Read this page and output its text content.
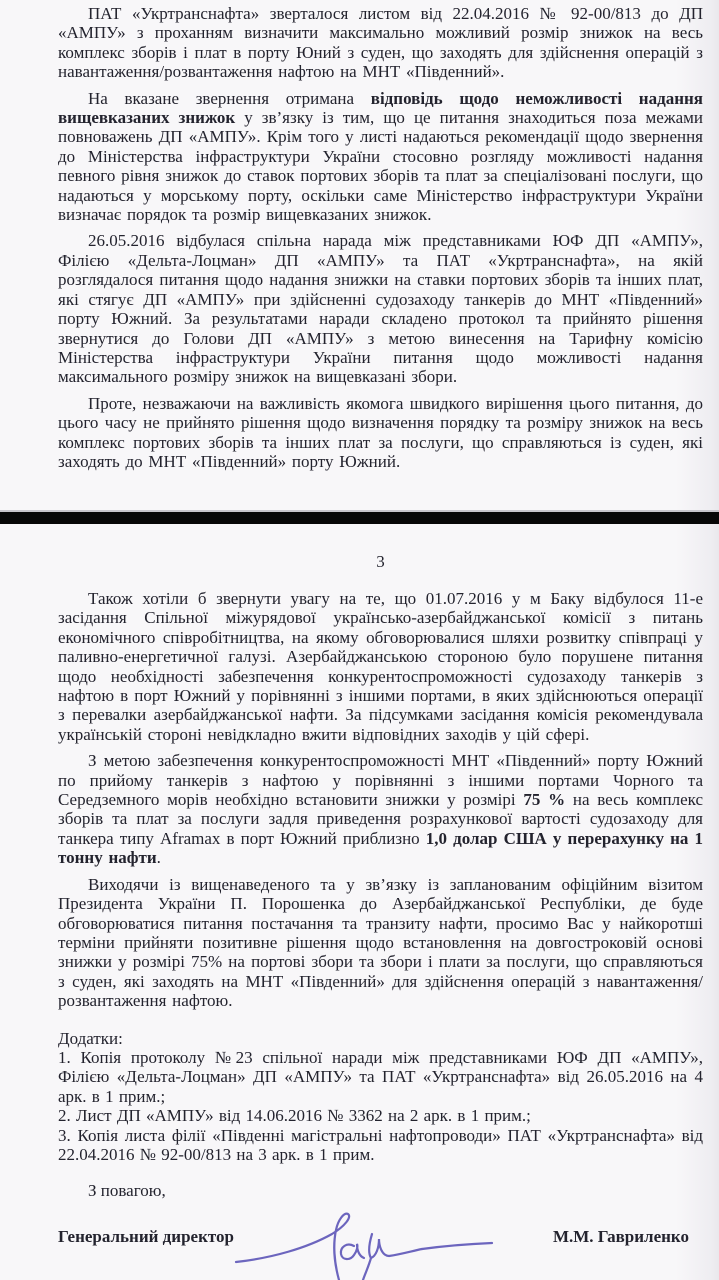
ПАТ «Укртранснафта» зверталося листом від 22.04.2016 № 92-00/813 до ДП «АМПУ» з проханням визначити максимально можливий розмір знижок на весь комплекс зборів і плат в порту Юний з суден, що заходять для здійснення операцій з навантаження/розвантаження нафтою на МНТ «Південний».

На вказане звернення отримана відповідь щодо неможливості надання вищевказаних знижок у зв’язку із тим, що це питання знаходиться поза межами повноважень ДП «АМПУ». Крім того у листі надаються рекомендації щодо звернення до Міністерства інфраструктури України стосовно розгляду можливості надання певного рівня знижок до ставок портових зборів та плат за спеціалізовані послуги, що надаються у морському порту, оскільки саме Міністерство інфраструктури України визначає порядок та розмір вищевказаних знижок.

26.05.2016 відбулася спільна нарада між представниками ЮФ ДП «АМПУ», Філією «Дельта-Лоцман» ДП «АМПУ» та ПАТ «Укртранснафта», на якій розглядалося питання щодо надання знижки на ставки портових зборів та інших плат, які стягує ДП «АМПУ» при здійсненні судозаходу танкерів до МНТ «Південний» порту Южний. За результатами наради складено протокол та прийнято рішення звернутися до Голови ДП «АМПУ» з метою винесення на Тарифну комісію Міністерства інфраструктури України питання щодо можливості надання максимального розміру знижок на вищевказані збори.

Проте, незважаючи на важливість якомога швидкого вирішення цього питання, до цього часу не прийнято рішення щодо визначення порядку та розміру знижок на весь комплекс портових зборів та інших плат за послуги, що справляються із суден, які заходять до МНТ «Південний» порту Южний.

3

Також хотіли б звернути увагу на те, що 01.07.2016 у м Баку відбулося 11-е засідання Спільної міжурядової українсько-азербайджанської комісії з питань економічного співробітництва, на якому обговорювалися шляхи розвитку співпраці у паливно-енергетичної галузі. Азербайджанською стороною було порушене питання щодо необхідності забезпечення конкурентоспроможності судозаходу танкерів з нафтою в порт Южний у порівнянні з іншими портами, в яких здійснюються операції з перевалки азербайджанської нафти. За підсумками засідання комісія рекомендувала українській стороні невідкладно вжити відповідних заходів у цій сфері.

З метою забезпечення конкурентоспроможності МНТ «Південний» порту Южний по прийому танкерів з нафтою у порівнянні з іншими портами Чорного та Середземного морів необхідно встановити знижки у розмірі 75 % на весь комплекс зборів та плат за послуги задля приведення розрахункової вартості судозаходу для танкера типу Aframax в порт Южний приблизно 1,0 долар США у перерахунку на 1 тонну нафти.

Виходячи із вищенаведеного та у зв’язку із запланованим офіційним візитом Президента України П. Порошенка до Азербайджанської Республіки, де буде обговорюватися питання постачання та транзиту нафти, просимо Вас у найкоротші терміни прийняти позитивне рішення щодо встановлення на довгостроковій основі знижки у розмірі 75% на портові збори та збори і плати за послуги, що справляються з суден, які заходять на МНТ «Південний» для здійснення операцій з навантаження/розвантаження нафтою.

Додатки:
1. Копія протоколу №23 спільної наради між представниками ЮФ ДП «АМПУ», Філією «Дельта-Лоцман» ДП «АМПУ» та ПАТ «Укртранснафта» від 26.05.2016 на 4 арк. в 1 прим.;
2. Лист ДП «АМПУ» від 14.06.2016 № 3362 на 2 арк. в 1 прим.;
3. Копія листа філії «Південні магістральні нафтопроводи» ПАТ «Укртранснафта» від 22.04.2016 № 92-00/813 на 3 арк. в 1 прим.

З повагою,

Генеральний директор	М.М. Гавриленко
